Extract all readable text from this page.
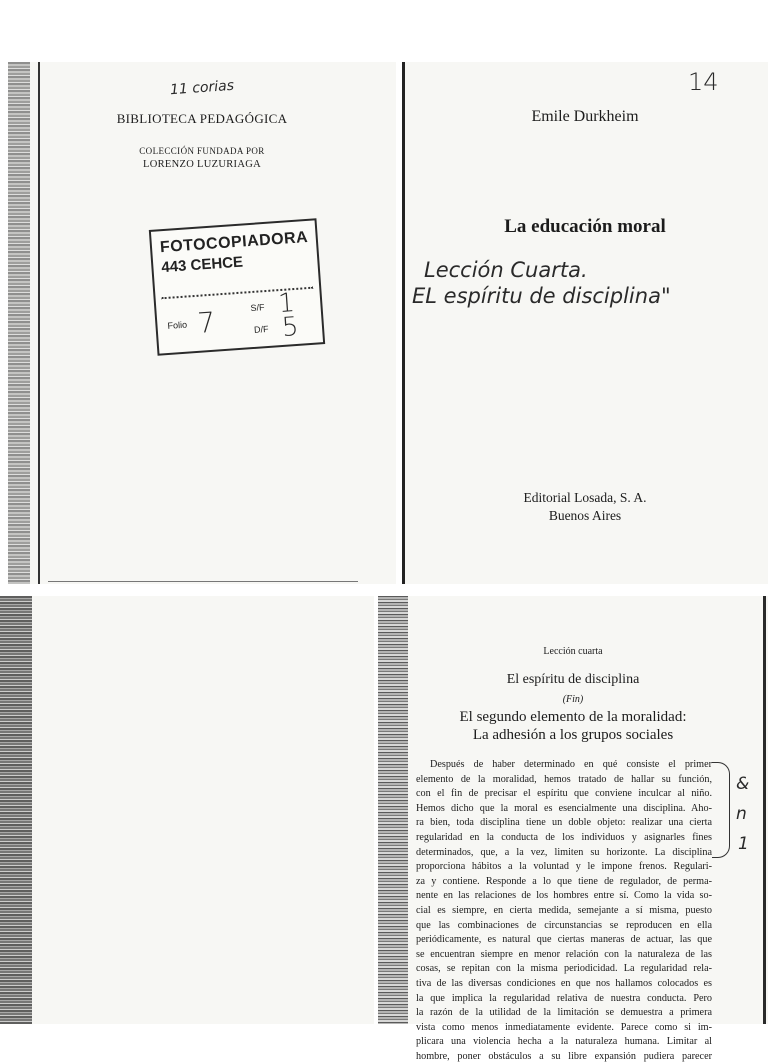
11 corias
BIBLIOTECA PEDAGÓGICA
COLECCIÓN FUNDADA POR
LORENZO LUZURIAGA
FOTOCOPIADORA
443 CEHCE
Folio 7	S/F 1
D/F 5
14
Emile Durkheim
La educación moral
Lección Cuarta.
EL espíritu de disciplina"
Editorial Losada, S. A.
Buenos Aires
Lección cuarta
El espíritu de disciplina
(Fin)
El segundo elemento de la moralidad:
La adhesión a los grupos sociales
Después de haber determinado en qué consiste el primer
elemento de la moralidad, hemos tratado de hallar su función,
con el fin de precisar el espíritu que conviene inculcar al niño.
Hemos dicho que la moral es esencialmente una disciplina. Aho-
ra bien, toda disciplina tiene un doble objeto: realizar una cierta
regularidad en la conducta de los individuos y asignarles fines
determinados, que, a la vez, limiten su horizonte. La disciplina
proporciona hábitos a la voluntad y le impone frenos. Regulari-
za y contiene. Responde a lo que tiene de regulador, de perma-
nente en las relaciones de los hombres entre sí. Como la vida so-
cial es siempre, en cierta medida, semejante a sí misma, puesto
que las combinaciones de circunstancias se reproducen en ella
periódicamente, es natural que ciertas maneras de actuar, las que
se encuentran siempre en menor relación con la naturaleza de las
cosas, se repitan con la misma periodicidad. La regularidad rela-
tiva de las diversas condiciones en que nos hallamos colocados es
la que implica la regularidad relativa de nuestra conducta. Pero
la razón de la utilidad de la limitación se demuestra a primera
vista como menos inmediatamente evidente. Parece como si im-
plicara una violencia hecha a la naturaleza humana. Limitar al
hombre, poner obstáculos a su libre expansión pudiera parecer
&
n
1
